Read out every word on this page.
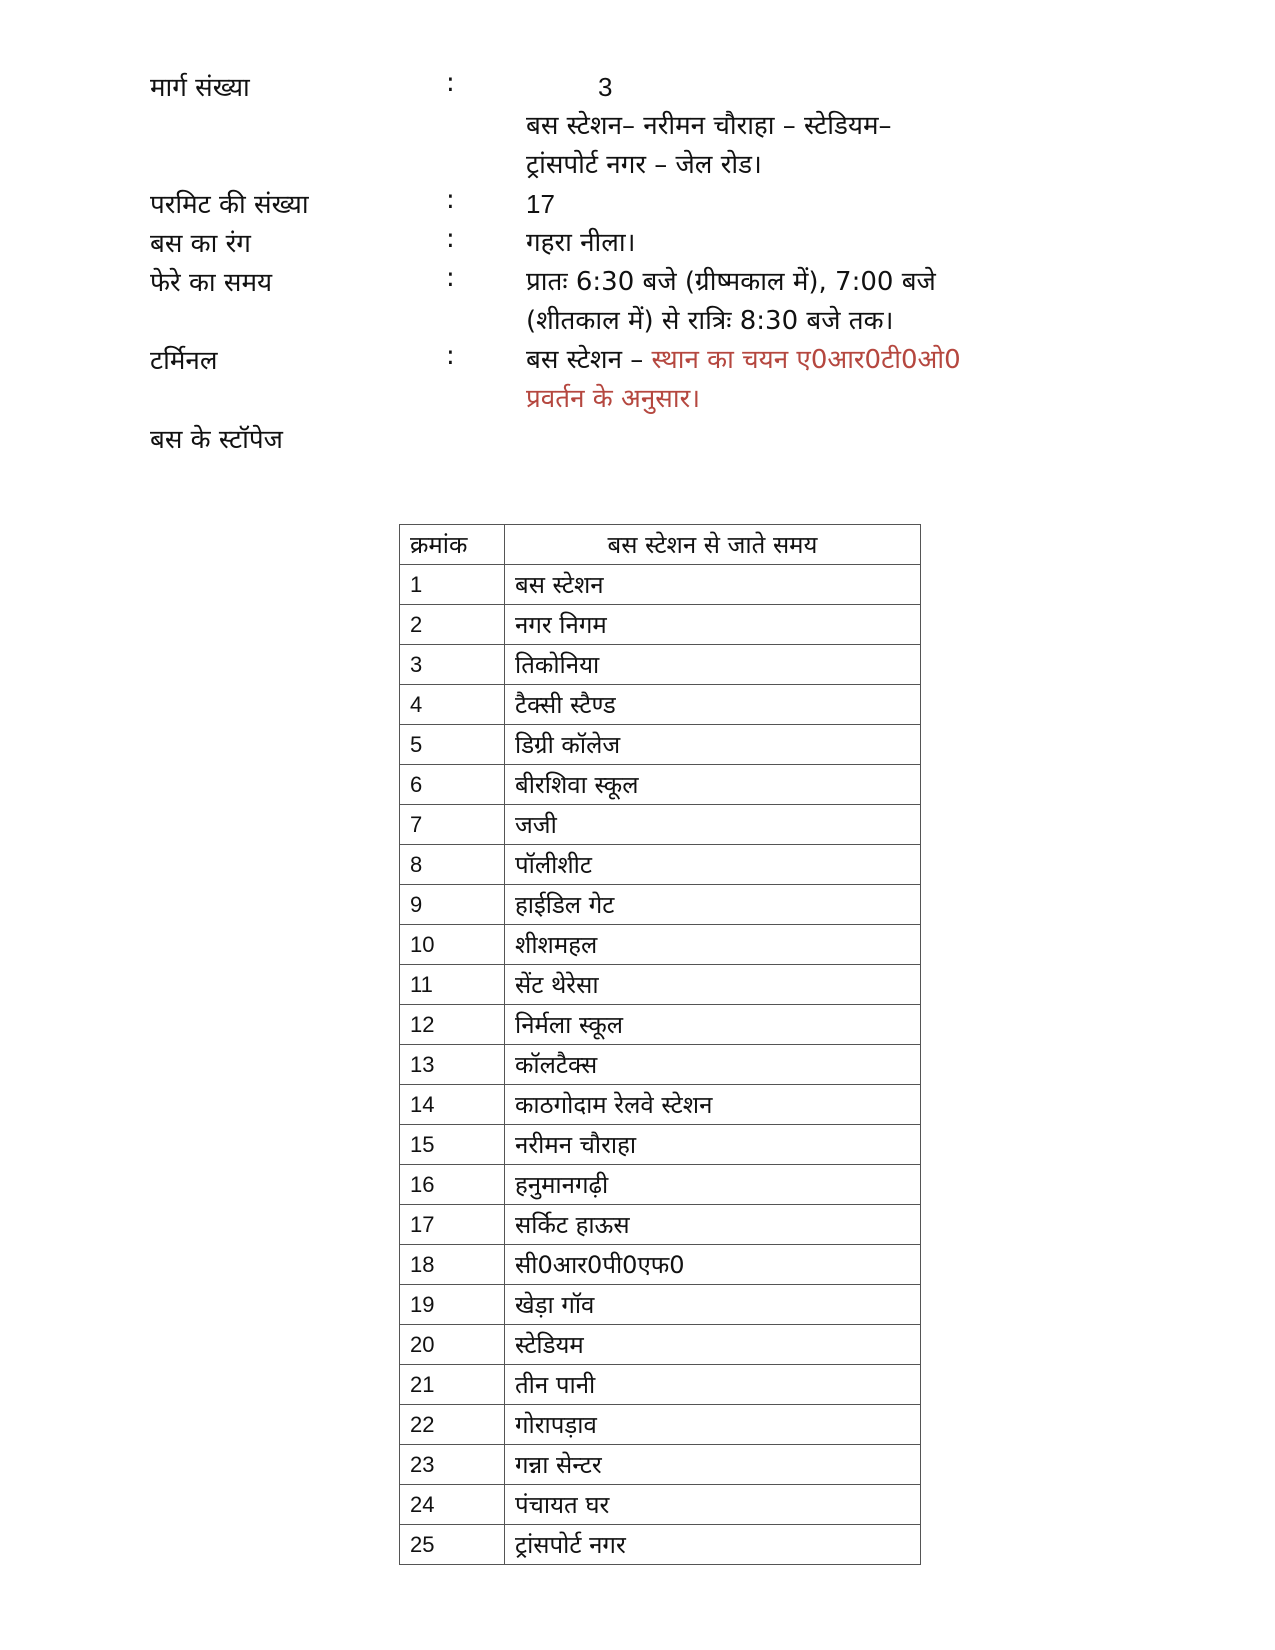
मार्ग संख्या	:	3
बस स्टेशन– नरीमन चौराहा – स्टेडियम–
ट्रांसपोर्ट नगर – जेल रोड।
परमिट की संख्या	:	17
बस का रंग	:	गहरा नीला।
फेरे का समय	:	प्रातः 6:30 बजे (ग्रीष्मकाल में), 7:00 बजे
(शीतकाल में) से रात्रिः 8:30 बजे तक।
टर्मिनल	:	बस स्टेशन – स्थान का चयन ए0आर0टी0ओ0
प्रवर्तन के अनुसार।
बस के स्टॉपेज
क्रमांक	बस स्टेशन से जाते समय
1	बस स्टेशन
2	नगर निगम
3	तिकोनिया
4	टैक्सी स्टैण्ड
5	डिग्री कॉलेज
6	बीरशिवा स्कूल
7	जजी
8	पॉलीशीट
9	हाईडिल गेट
10	शीशमहल
11	सेंट थेरेसा
12	निर्मला स्कूल
13	कॉलटैक्स
14	काठगोदाम रेलवे स्टेशन
15	नरीमन चौराहा
16	हनुमानगढ़ी
17	सर्किट हाऊस
18	सी0आर0पी0एफ0
19	खेड़ा गॉव
20	स्टेडियम
21	तीन पानी
22	गोरापड़ाव
23	गन्ना सेन्टर
24	पंचायत घर
25	ट्रांसपोर्ट नगर
